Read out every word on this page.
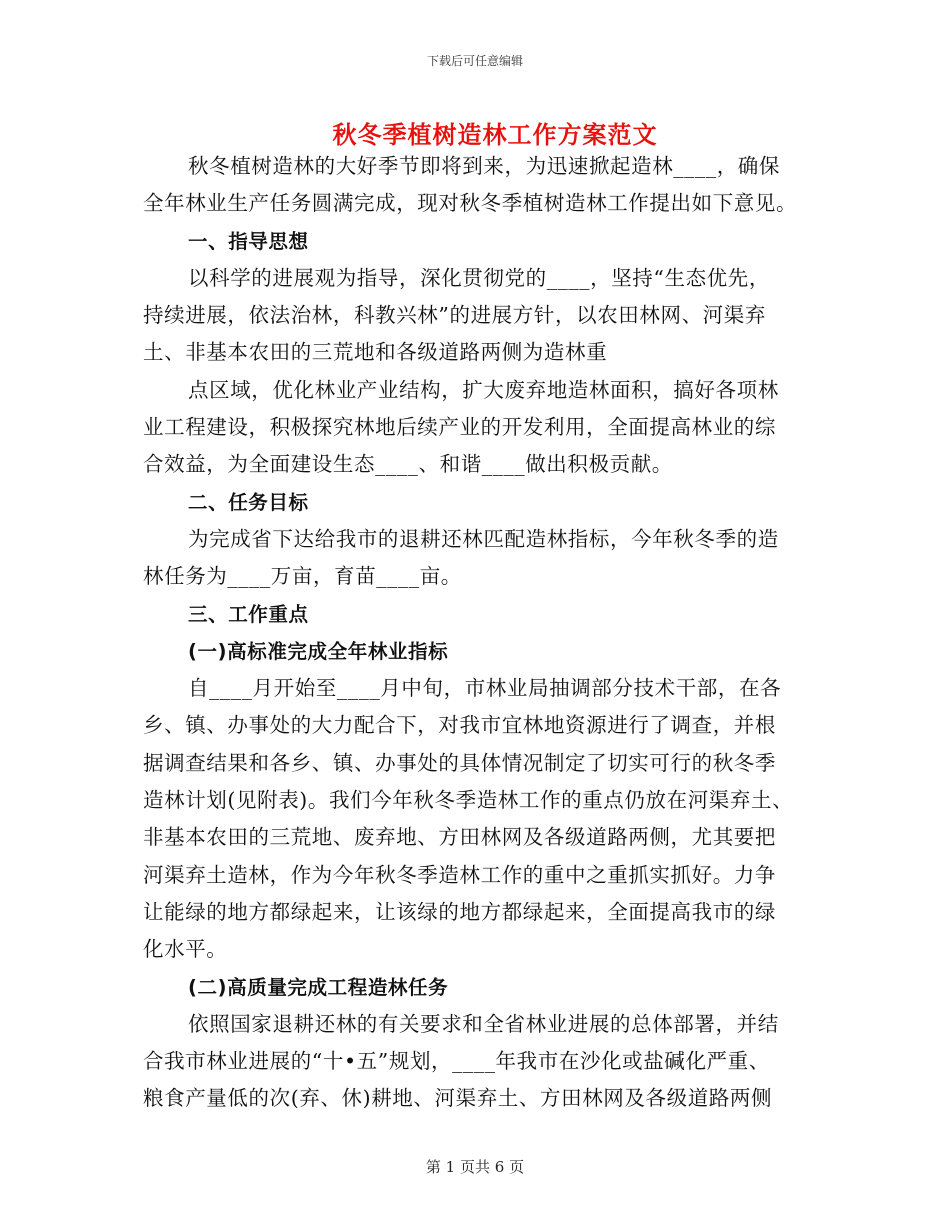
下载后可任意编辑
秋冬季植树造林工作方案范文
秋冬植树造林的大好季节即将到来，为迅速掀起造林____，确保
全年林业生产任务圆满完成，现对秋冬季植树造林工作提出如下意见。
一、指导思想
以科学的进展观为指导，深化贯彻党的____，坚持“生态优先，
持续进展，依法治林，科教兴林”的进展方针，以农田林网、河渠弃
土、非基本农田的三荒地和各级道路两侧为造林重
点区域，优化林业产业结构，扩大废弃地造林面积，搞好各项林
业工程建设，积极探究林地后续产业的开发利用，全面提高林业的综
合效益，为全面建设生态____、和谐____做出积极贡献。
二、任务目标
为完成省下达给我市的退耕还林匹配造林指标，今年秋冬季的造
林任务为____万亩，育苗____亩。
三、工作重点
(一)高标准完成全年林业指标
自____月开始至____月中旬，市林业局抽调部分技术干部，在各
乡、镇、办事处的大力配合下，对我市宜林地资源进行了调查，并根
据调查结果和各乡、镇、办事处的具体情况制定了切实可行的秋冬季
造林计划(见附表)。我们今年秋冬季造林工作的重点仍放在河渠弃土、
非基本农田的三荒地、废弃地、方田林网及各级道路两侧，尤其要把
河渠弃土造林，作为今年秋冬季造林工作的重中之重抓实抓好。力争
让能绿的地方都绿起来，让该绿的地方都绿起来，全面提高我市的绿
化水平。
(二)高质量完成工程造林任务
依照国家退耕还林的有关要求和全省林业进展的总体部署，并结
合我市林业进展的“十•五”规划，____年我市在沙化或盐碱化严重、
粮食产量低的次(弃、休)耕地、河渠弃土、方田林网及各级道路两侧
第 1 页共 6 页
